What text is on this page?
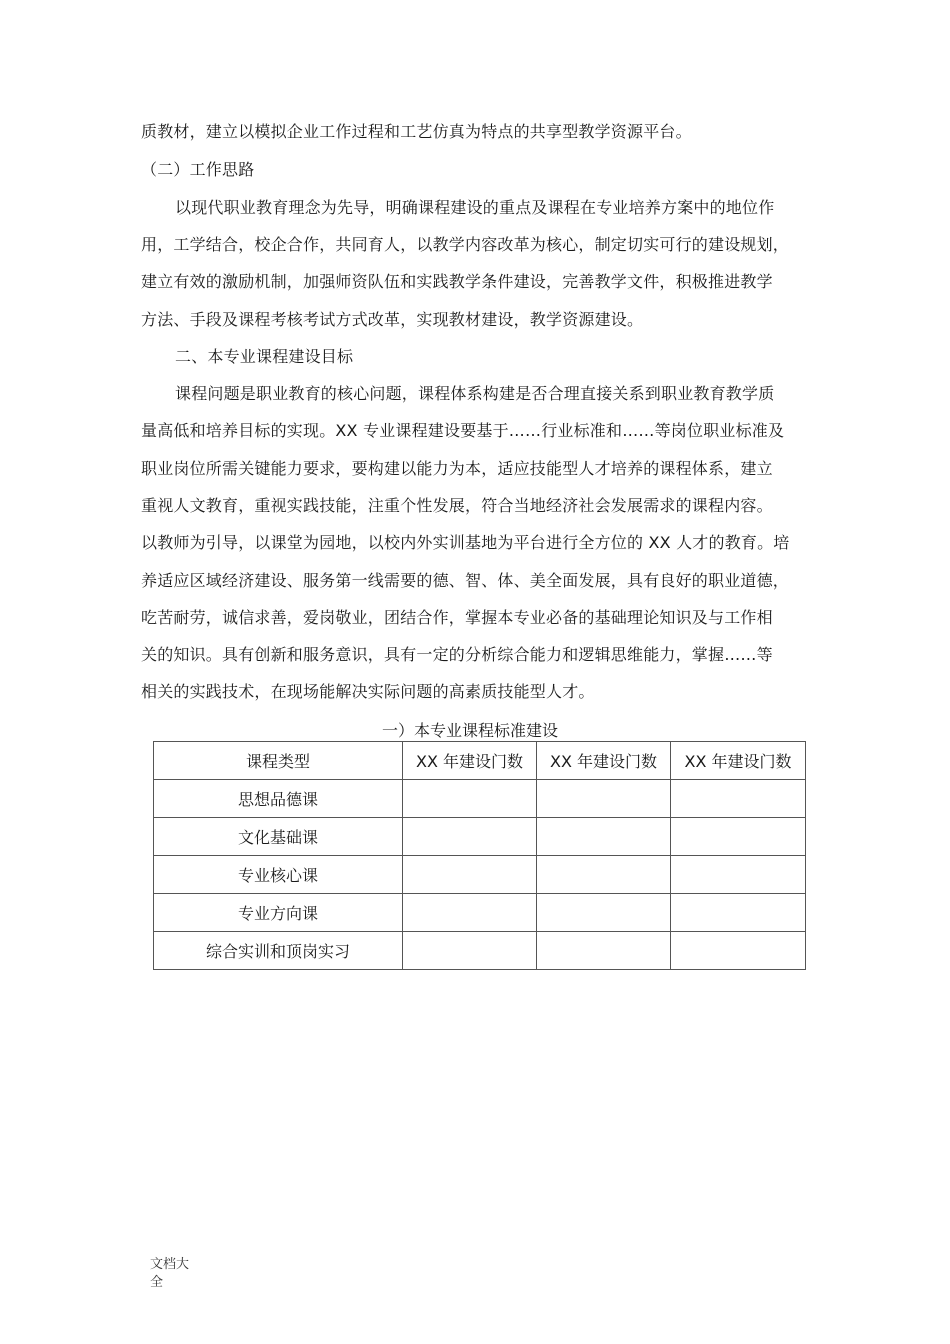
质教材，建立以模拟企业工作过程和工艺仿真为特点的共享型教学资源平台。
（二）工作思路
以现代职业教育理念为先导，明确课程建设的重点及课程在专业培养方案中的地位作
用，工学结合，校企合作，共同育人，以教学内容改革为核心，制定切实可行的建设规划，
建立有效的激励机制，加强师资队伍和实践教学条件建设，完善教学文件，积极推进教学
方法、手段及课程考核考试方式改革，实现教材建设，教学资源建设。
二、本专业课程建设目标
课程问题是职业教育的核心问题，课程体系构建是否合理直接关系到职业教育教学质
量高低和培养目标的实现。XX 专业课程建设要基于……行业标准和……等岗位职业标准及
职业岗位所需关键能力要求，要构建以能力为本，适应技能型人才培养的课程体系，建立
重视人文教育，重视实践技能，注重个性发展，符合当地经济社会发展需求的课程内容。
以教师为引导，以课堂为园地，以校内外实训基地为平台进行全方位的 XX 人才的教育。培
养适应区域经济建设、服务第一线需要的德、智、体、美全面发展，具有良好的职业道德，
吃苦耐劳，诚信求善，爱岗敬业，团结合作，掌握本专业必备的基础理论知识及与工作相
关的知识。具有创新和服务意识，具有一定的分析综合能力和逻辑思维能力，掌握……等
相关的实践技术，在现场能解决实际问题的高素质技能型人才。
一）本专业课程标准建设
课程类型	XX 年建设门数	XX 年建设门数	XX 年建设门数
思想品德课			
文化基础课			
专业核心课			
专业方向课			
综合实训和顶岗实习			
文档大
全
